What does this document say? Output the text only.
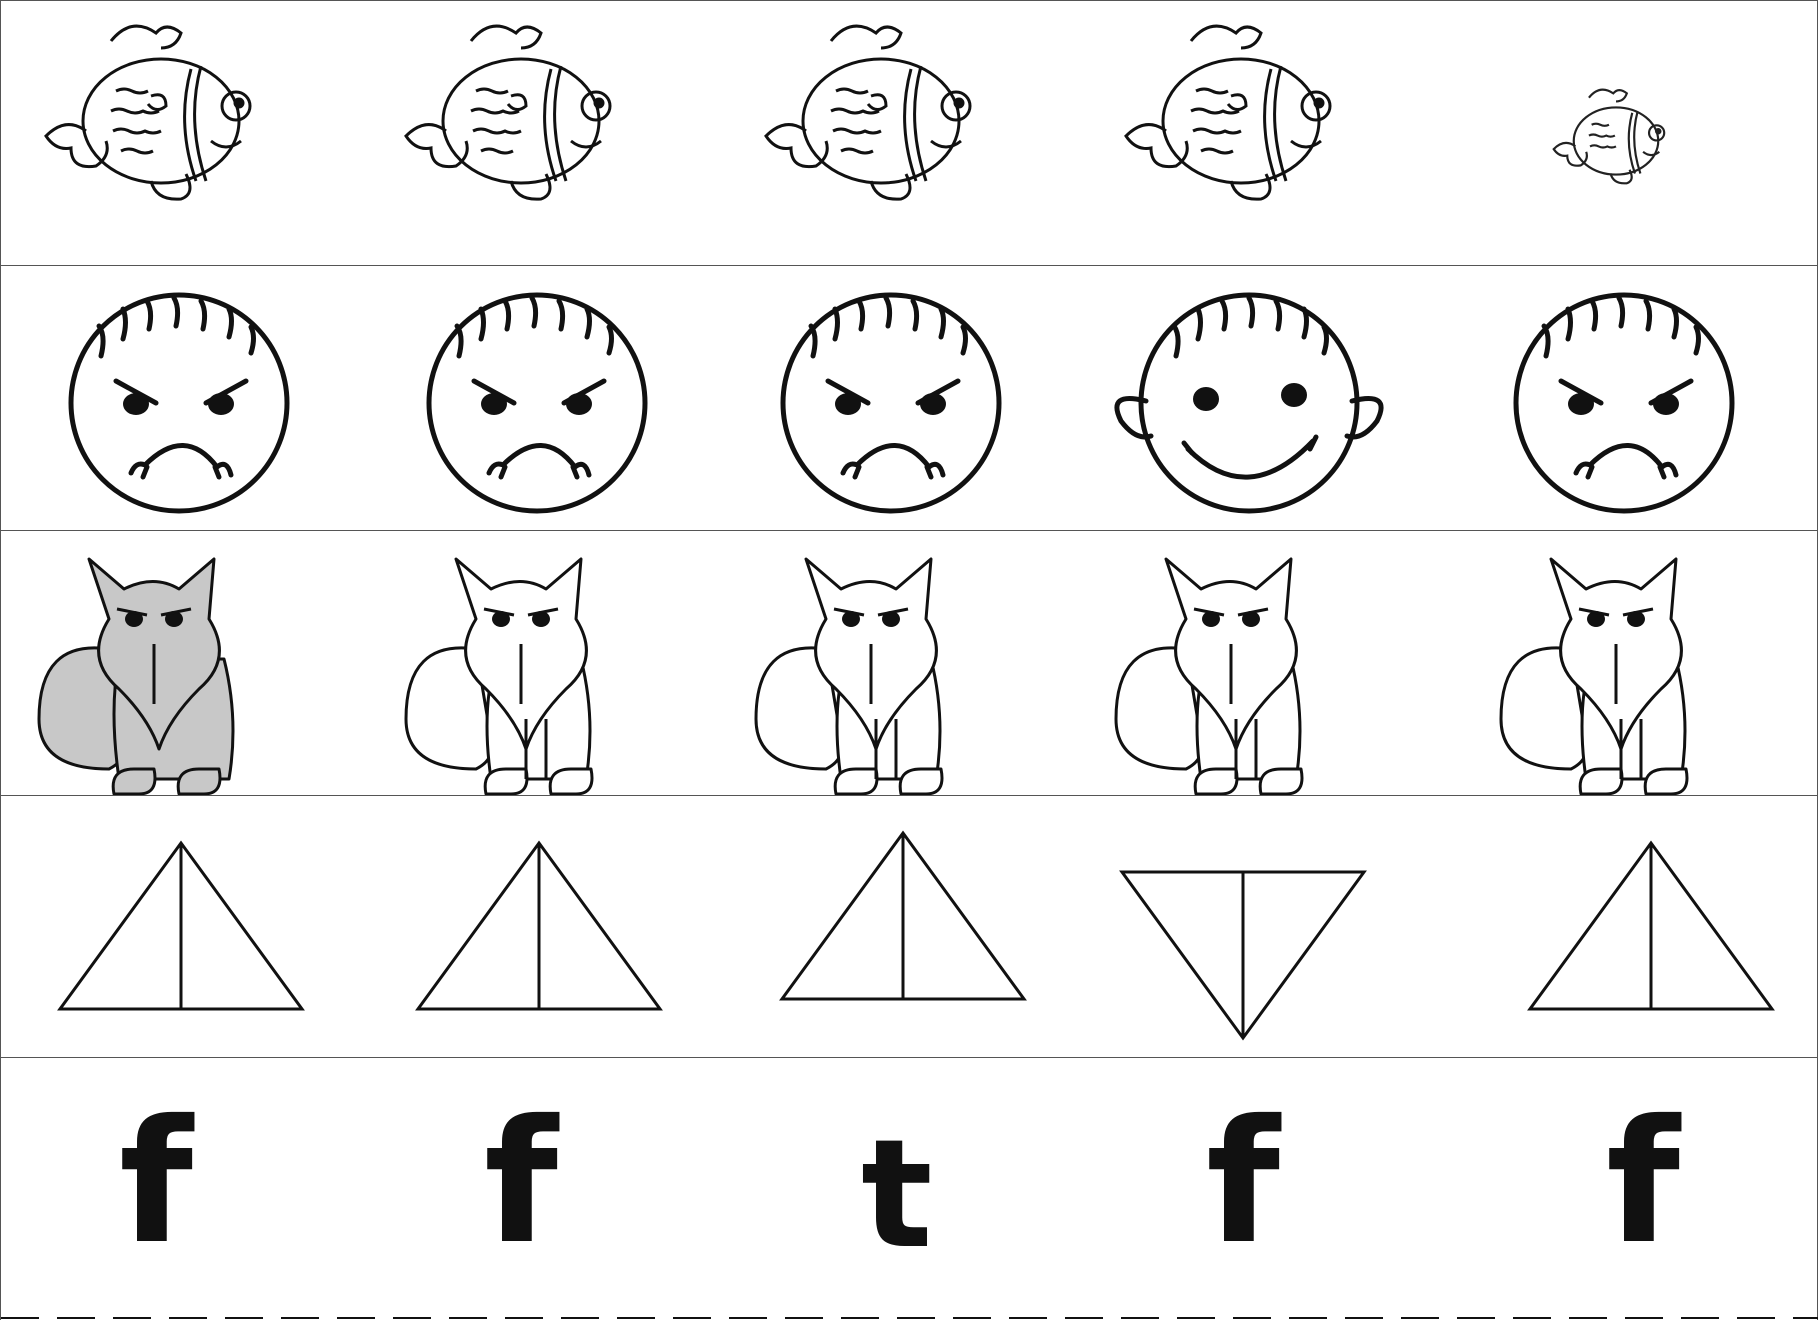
f f t f f
